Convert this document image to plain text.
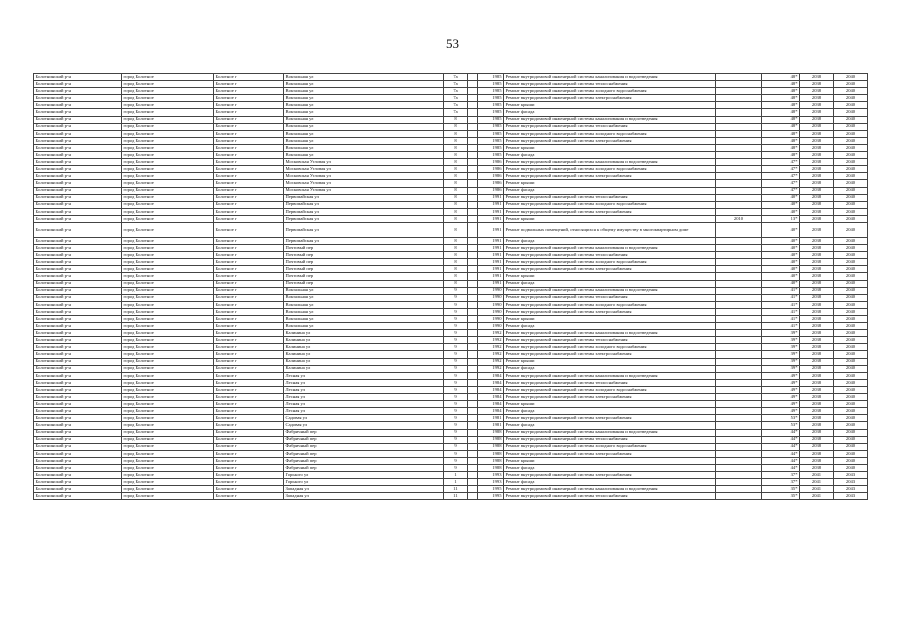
53
Болотнинский р-н	город Болотное	Болотное г	Вокзальная ул	7а		1985	Ремонт внутридомовой инженерной системы канализования и водоотведения		48*	2038	2040
Болотнинский р-н	город Болотное	Болотное г	Вокзальная ул	7а		1985	Ремонт внутридомовой инженерной системы теплоснабжения		48*	2038	2040
Болотнинский р-н	город Болотное	Болотное г	Вокзальная ул	7а		1985	Ремонт внутридомовой инженерной системы холодного водоснабжения		48*	2038	2040
Болотнинский р-н	город Болотное	Болотное г	Вокзальная ул	7а		1985	Ремонт внутридомовой инженерной системы электроснабжения		48*	2038	2040
Болотнинский р-н	город Болотное	Болотное г	Вокзальная ул	7а		1985	Ремонт крыши		48*	2038	2040
Болотнинский р-н	город Болотное	Болотное г	Вокзальная ул	7а		1985	Ремонт фасада		48*	2038	2040
Болотнинский р-н	город Болотное	Болотное г	Вокзальная ул	8		1985	Ремонт внутридомовой инженерной системы канализования и водоотведения		48*	2038	2040
Болотнинский р-н	город Болотное	Болотное г	Вокзальная ул	8		1985	Ремонт внутридомовой инженерной системы теплоснабжения		48*	2038	2040
Болотнинский р-н	город Болотное	Болотное г	Вокзальная ул	8		1985	Ремонт внутридомовой инженерной системы холодного водоснабжения		48*	2038	2040
Болотнинский р-н	город Болотное	Болотное г	Вокзальная ул	8		1985	Ремонт внутридомовой инженерной системы электроснабжения		48*	2038	2040
Болотнинский р-н	город Болотное	Болотное г	Вокзальная ул	8		1985	Ремонт крыши		48*	2038	2040
Болотнинский р-н	город Болотное	Болотное г	Вокзальная ул	8		1985	Ремонт фасада		48*	2038	2040
Болотнинский р-н	город Болотное	Болотное г	Московская Угловая ул	8		1986	Ремонт внутридомовой инженерной системы канализования и водоотведения		47*	2038	2040
Болотнинский р-н	город Болотное	Болотное г	Московская Угловая ул	8		1986	Ремонт внутридомовой инженерной системы холодного водоснабжения		47*	2038	2040
Болотнинский р-н	город Болотное	Болотное г	Московская Угловая ул	8		1986	Ремонт внутридомовой инженерной системы электроснабжения		47*	2038	2040
Болотнинский р-н	город Болотное	Болотное г	Московская Угловая ул	8		1986	Ремонт крыши		47*	2038	2040
Болотнинский р-н	город Болотное	Болотное г	Московская Угловая ул	8		1986	Ремонт фасада		47*	2038	2040
Болотнинский р-н	город Болотное	Болотное г	Первомайская ул	8		1991	Ремонт внутридомовой инженерной системы теплоснабжения		40*	2038	2040
Болотнинский р-н	город Болотное	Болотное г	Первомайская ул	8		1991	Ремонт внутридомовой инженерной системы холодного водоснабжения		40*	2038	2040
Болотнинский р-н	город Болотное	Болотное г	Первомайская ул	8		1991	Ремонт внутридомовой инженерной системы электроснабжения		40*	2038	2040
Болотнинский р-н	город Болотное	Болотное г	Первомайская ул	8		1991	Ремонт крыши	2010	13*	2038	2040
Болотнинский р-н	город Болотное	Болотное г	Первомайская ул	8		1991	Ремонт подвальных помещений, относящихся к общему имуществу в многоквартирном доме		40*	2038	2040
Болотнинский р-н	город Болотное	Болотное г	Первомайская ул	8		1991	Ремонт фасада		40*	2038	2040
Болотнинский р-н	город Болотное	Болотное г	Почтовый пер	8		1991	Ремонт внутридомовой инженерной системы канализования и водоотведения		40*	2038	2040
Болотнинский р-н	город Болотное	Болотное г	Почтовый пер	8		1991	Ремонт внутридомовой инженерной системы теплоснабжения		40*	2038	2040
Болотнинский р-н	город Болотное	Болотное г	Почтовый пер	8		1991	Ремонт внутридомовой инженерной системы холодного водоснабжения		40*	2038	2040
Болотнинский р-н	город Болотное	Болотное г	Почтовый пер	8		1991	Ремонт внутридомовой инженерной системы электроснабжения		40*	2038	2040
Болотнинский р-н	город Болотное	Болотное г	Почтовый пер	8		1991	Ремонт крыши		40*	2038	2040
Болотнинский р-н	город Болотное	Болотное г	Почтовый пер	8		1991	Ремонт фасада		40*	2038	2040
Болотнинский р-н	город Болотное	Болотное г	Вокзальная ул	9		1990	Ремонт внутридомовой инженерной системы канализования и водоотведения		41*	2038	2040
Болотнинский р-н	город Болотное	Болотное г	Вокзальная ул	9		1990	Ремонт внутридомовой инженерной системы теплоснабжения		41*	2038	2040
Болотнинский р-н	город Болотное	Болотное г	Вокзальная ул	9		1990	Ремонт внутридомовой инженерной системы холодного водоснабжения		41*	2038	2040
Болотнинский р-н	город Болотное	Болотное г	Вокзальная ул	9		1990	Ремонт внутридомовой инженерной системы электроснабжения		41*	2038	2040
Болотнинский р-н	город Болотное	Болотное г	Вокзальная ул	9		1990	Ремонт крыши		41*	2038	2040
Болотнинский р-н	город Болотное	Болотное г	Вокзальная ул	9		1990	Ремонт фасада		41*	2038	2040
Болотнинский р-н	город Болотное	Болотное г	Калинина ул	9		1992	Ремонт внутридомовой инженерной системы канализования и водоотведения		39*	2038	2040
Болотнинский р-н	город Болотное	Болотное г	Калинина ул	9		1992	Ремонт внутридомовой инженерной системы теплоснабжения		39*	2038	2040
Болотнинский р-н	город Болотное	Болотное г	Калинина ул	9		1992	Ремонт внутридомовой инженерной системы холодного водоснабжения		39*	2038	2040
Болотнинский р-н	город Болотное	Болотное г	Калинина ул	9		1992	Ремонт внутридомовой инженерной системы электроснабжения		39*	2038	2040
Болотнинский р-н	город Болотное	Болотное г	Калинина ул	9		1992	Ремонт крыши		39*	2038	2040
Болотнинский р-н	город Болотное	Болотное г	Калинина ул	9		1992	Ремонт фасада		39*	2038	2040
Болотнинский р-н	город Болотное	Болотное г	Лесная ул	9		1984	Ремонт внутридомовой инженерной системы канализования и водоотведения		49*	2038	2040
Болотнинский р-н	город Болотное	Болотное г	Лесная ул	9		1984	Ремонт внутридомовой инженерной системы теплоснабжения		49*	2038	2040
Болотнинский р-н	город Болотное	Болотное г	Лесная ул	9		1984	Ремонт внутридомовой инженерной системы холодного водоснабжения		49*	2038	2040
Болотнинский р-н	город Болотное	Болотное г	Лесная ул	9		1984	Ремонт внутридомовой инженерной системы электроснабжения		49*	2038	2040
Болотнинский р-н	город Болотное	Болотное г	Лесная ул	9		1984	Ремонт крыши		49*	2038	2040
Болотнинский р-н	город Болотное	Болотное г	Лесная ул	9		1984	Ремонт фасада		49*	2038	2040
Болотнинский р-н	город Болотное	Болотное г	Садовая ул	9		1981	Ремонт внутридомовой инженерной системы электроснабжения		53*	2038	2040
Болотнинский р-н	город Болотное	Болотное г	Садовая ул	9		1981	Ремонт фасада		53*	2038	2040
Болотнинский р-н	город Болотное	Болотное г	Фабричный пер	9		1988	Ремонт внутридомовой инженерной системы канализования и водоотведения		44*	2038	2040
Болотнинский р-н	город Болотное	Болотное г	Фабричный пер	9		1988	Ремонт внутридомовой инженерной системы теплоснабжения		44*	2038	2040
Болотнинский р-н	город Болотное	Болотное г	Фабричный пер	9		1988	Ремонт внутридомовой инженерной системы холодного водоснабжения		44*	2038	2040
Болотнинский р-н	город Болотное	Болотное г	Фабричный пер	9		1988	Ремонт внутридомовой инженерной системы электроснабжения		44*	2038	2040
Болотнинский р-н	город Болотное	Болотное г	Фабричный пер	9		1988	Ремонт крыши		44*	2038	2040
Болотнинский р-н	город Болотное	Болотное г	Фабричный пер	9		1988	Ремонт фасада		44*	2038	2040
Болотнинский р-н	город Болотное	Болотное г	Горького ул	1		1993	Ремонт внутридомовой инженерной системы электроснабжения		37*	2041	2043
Болотнинский р-н	город Болотное	Болотное г	Горького ул	1		1993	Ремонт фасада		37*	2041	2043
Болотнинский р-н	город Болотное	Болотное г	Западная ул	11		1995	Ремонт внутридомовой инженерной системы канализования и водоотведения		35*	2041	2043
Болотнинский р-н	город Болотное	Болотное г	Западная ул	11		1995	Ремонт внутридомовой инженерной системы теплоснабжения		35*	2041	2043
